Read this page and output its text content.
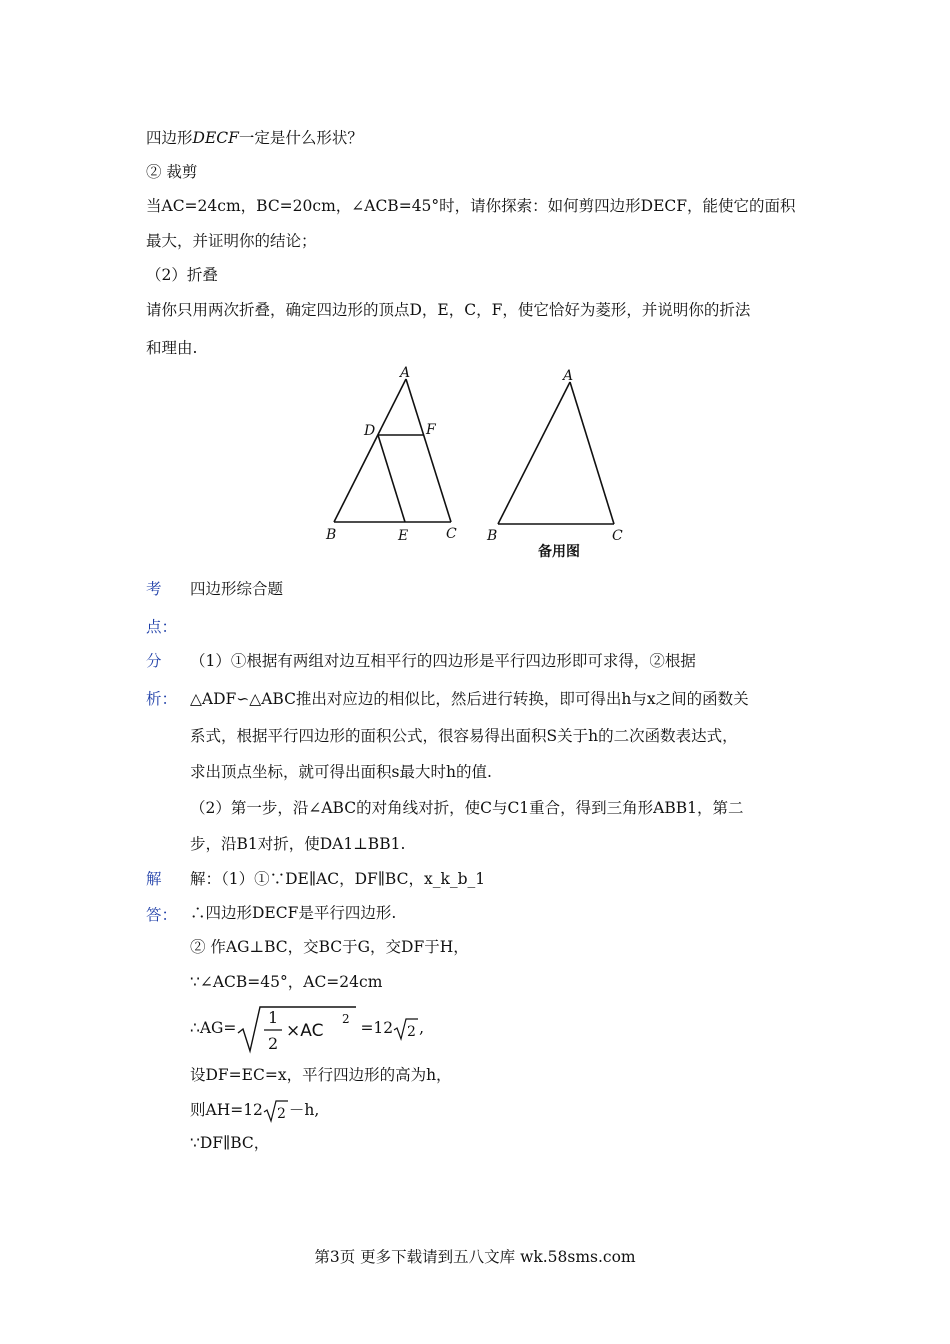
四边形DECF一定是什么形状？
② 裁剪
当AC=24cm，BC=20cm，∠ACB=45°时，请你探索：如何剪四边形DECF，能使它的面积
最大，并证明你的结论；
（2）折叠
请你只用两次折叠，确定四边形的顶点D，E，C，F，使它恰好为菱形，并说明你的折法
和理由.
A
D	F
B	E	C
A
B	C
备用图
考
点：
四边形综合题
分
析：
（1）①根据有两组对边互相平行的四边形是平行四边形即可求得，②根据
△ADF∽△ABC推出对应边的相似比，然后进行转换，即可得出h与x之间的函数关
系式，根据平行四边形的面积公式，很容易得出面积S关于h的二次函数表达式，
求出顶点坐标，就可得出面积s最大时h的值.
（2）第一步，沿∠ABC的对角线对折，使C与C1重合，得到三角形ABB1，第二
步，沿B1对折，使DA1⊥BB1.
解
答：
解：（1）①∵DE∥AC，DF∥BC，x_k_b_1
∴四边形DECF是平行四边形.
② 作AG⊥BC，交BC于G，交DF于H，
∵∠ACB=45°，AC=24cm
∴AG=
1
2
×AC
2 =12 2 ,
设DF=EC=x，平行四边形的高为h，
则AH=12 2 －h,
∵DF∥BC，
第3页 更多下载请到五八文库 wk.58sms.com
